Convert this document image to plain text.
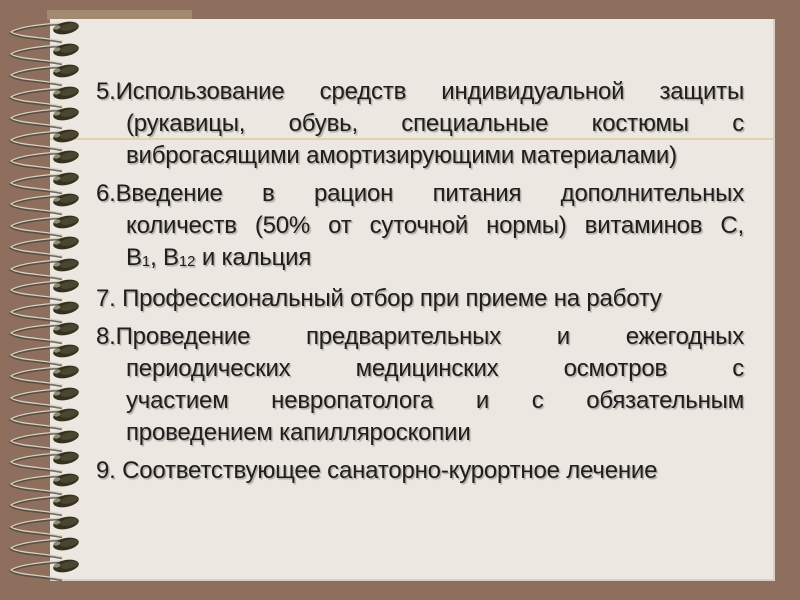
5.Использование средств индивидуальной защиты
(рукавицы, обувь, специальные костюмы с
виброгасящими амортизирующими материалами)
6.Введение в рацион питания дополнительных
количеств (50% от суточной нормы) витаминов С,
В1, В12 и кальция
7. Профессиональный отбор при приеме на работу
8.Проведение предварительных и ежегодных
периодических медицинских осмотров с
участием невропатолога и с обязательным
проведением капилляроскопии
9. Соответствующее санаторно-курортное лечение
